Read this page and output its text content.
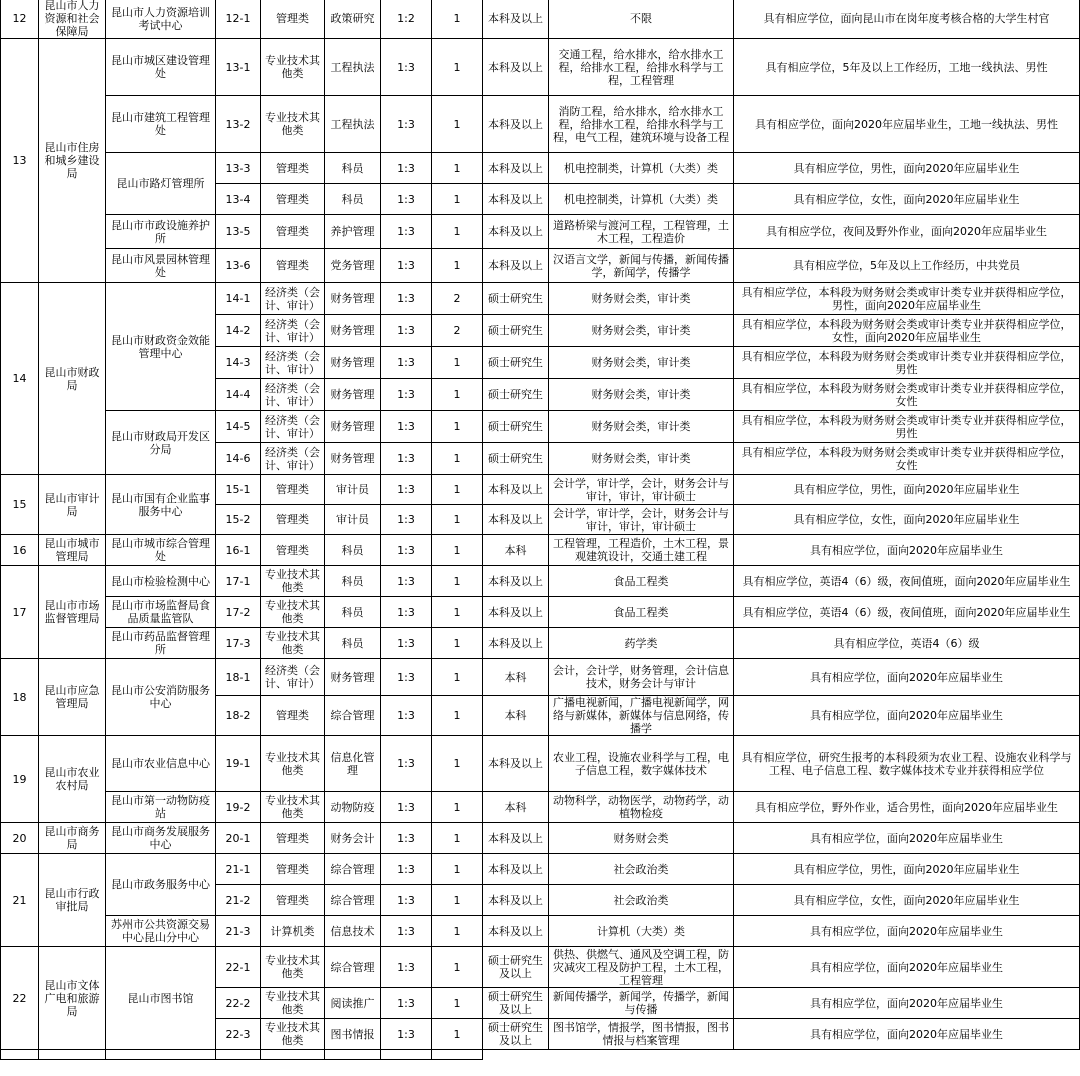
12	昆山市人力资源和社会保障局	昆山市人力资源培训考试中心	12-1	管理类	政策研究	1:2	1	本科及以上	不限	具有相应学位，面向昆山市在岗年度考核合格的大学生村官
13	昆山市住房和城乡建设局	昆山市城区建设管理处	13-1	专业技术其他类	工程执法	1:3	1	本科及以上	交通工程，给水排水，给水排水工程，给排水工程，给排水科学与工程，工程管理	具有相应学位，5年及以上工作经历，工地一线执法、男性
		昆山市建筑工程管理处	13-2	专业技术其他类	工程执法	1:3	1	本科及以上	消防工程，给水排水，给水排水工程，给排水工程，给排水科学与工程，电气工程，建筑环境与设备工程	具有相应学位，面向2020年应届毕业生，工地一线执法、男性
		昆山市路灯管理所	13-3	管理类	科员	1:3	1	本科及以上	机电控制类，计算机（大类）类	具有相应学位，男性，面向2020年应届毕业生
			13-4	管理类	科员	1:3	1	本科及以上	机电控制类，计算机（大类）类	具有相应学位，女性，面向2020年应届毕业生
		昆山市市政设施养护所	13-5	管理类	养护管理	1:3	1	本科及以上	道路桥梁与渡河工程，工程管理，土木工程，工程造价	具有相应学位，夜间及野外作业，面向2020年应届毕业生
		昆山市风景园林管理处	13-6	管理类	党务管理	1:3	1	本科及以上	汉语言文学，新闻与传播，新闻传播学，新闻学，传播学	具有相应学位，5年及以上工作经历，中共党员
14	昆山市财政局	昆山市财政资金效能管理中心	14-1	经济类（会计、审计）	财务管理	1:3	2	硕士研究生	财务财会类，审计类	具有相应学位，本科段为财务财会类或审计类专业并获得相应学位，男性，面向2020年应届毕业生
			14-2	经济类（会计、审计）	财务管理	1:3	2	硕士研究生	财务财会类，审计类	具有相应学位，本科段为财务财会类或审计类专业并获得相应学位，女性，面向2020年应届毕业生
			14-3	经济类（会计、审计）	财务管理	1:3	1	硕士研究生	财务财会类，审计类	具有相应学位，本科段为财务财会类或审计类专业并获得相应学位，男性
			14-4	经济类（会计、审计）	财务管理	1:3	1	硕士研究生	财务财会类，审计类	具有相应学位，本科段为财务财会类或审计类专业并获得相应学位，女性
		昆山市财政局开发区分局	14-5	经济类（会计、审计）	财务管理	1:3	1	硕士研究生	财务财会类，审计类	具有相应学位，本科段为财务财会类或审计类专业并获得相应学位，男性
			14-6	经济类（会计、审计）	财务管理	1:3	1	硕士研究生	财务财会类，审计类	具有相应学位，本科段为财务财会类或审计类专业并获得相应学位，女性
15	昆山市审计局	昆山市国有企业监事服务中心	15-1	管理类	审计员	1:3	1	本科及以上	会计学，审计学，会计，财务会计与审计，审计，审计硕士	具有相应学位，男性，面向2020年应届毕业生
			15-2	管理类	审计员	1:3	1	本科及以上	会计学，审计学，会计，财务会计与审计，审计，审计硕士	具有相应学位，女性，面向2020年应届毕业生
16	昆山市城市管理局	昆山市城市综合管理处	16-1	管理类	科员	1:3	1	本科	工程管理，工程造价，土木工程，景观建筑设计，交通土建工程	具有相应学位，面向2020年应届毕业生
17	昆山市市场监督管理局	昆山市检验检测中心	17-1	专业技术其他类	科员	1:3	1	本科及以上	食品工程类	具有相应学位，英语4（6）级，夜间值班，面向2020年应届毕业生
		昆山市市场监督局食品质量监管队	17-2	专业技术其他类	科员	1:3	1	本科及以上	食品工程类	具有相应学位，英语4（6）级，夜间值班，面向2020年应届毕业生
		昆山市药品监督管理所	17-3	专业技术其他类	科员	1:3	1	本科及以上	药学类	具有相应学位，英语4（6）级
18	昆山市应急管理局	昆山市公安消防服务中心	18-1	经济类（会计、审计）	财务管理	1:3	1	本科	会计，会计学，财务管理，会计信息技术，财务会计与审计	具有相应学位，面向2020年应届毕业生
			18-2	管理类	综合管理	1:3	1	本科	广播电视新闻，广播电视新闻学，网络与新媒体，新媒体与信息网络，传播学	具有相应学位，面向2020年应届毕业生
19	昆山市农业农村局	昆山市农业信息中心	19-1	专业技术其他类	信息化管理	1:3	1	本科及以上	农业工程，设施农业科学与工程，电子信息工程，数字媒体技术	具有相应学位，研究生报考的本科段须为农业工程、设施农业科学与工程、电子信息工程、数字媒体技术专业并获得相应学位
		昆山市第一动物防疫站	19-2	专业技术其他类	动物防疫	1:3	1	本科	动物科学，动物医学，动物药学，动植物检疫	具有相应学位，野外作业，适合男性，面向2020年应届毕业生
20	昆山市商务局	昆山市商务发展服务中心	20-1	管理类	财务会计	1:3	1	本科及以上	财务财会类	具有相应学位，面向2020年应届毕业生
21	昆山市行政审批局	昆山市政务服务中心	21-1	管理类	综合管理	1:3	1	本科及以上	社会政治类	具有相应学位，男性，面向2020年应届毕业生
			21-2	管理类	综合管理	1:3	1	本科及以上	社会政治类	具有相应学位，女性，面向2020年应届毕业生
		苏州市公共资源交易中心昆山分中心	21-3	计算机类	信息技术	1:3	1	本科及以上	计算机（大类）类	具有相应学位，面向2020年应届毕业生
22	昆山市文体广电和旅游局	昆山市图书馆	22-1	专业技术其他类	综合管理	1:3	1	硕士研究生及以上	供热、供燃气、通风及空调工程，防灾减灾工程及防护工程，土木工程，工程管理	具有相应学位，面向2020年应届毕业生
			22-2	专业技术其他类	阅读推广	1:3	1	硕士研究生及以上	新闻传播学，新闻学，传播学，新闻与传播	具有相应学位，面向2020年应届毕业生
			22-3	专业技术其他类	图书情报	1:3	1	硕士研究生及以上	图书馆学，情报学，图书情报，图书情报与档案管理	具有相应学位，面向2020年应届毕业生
